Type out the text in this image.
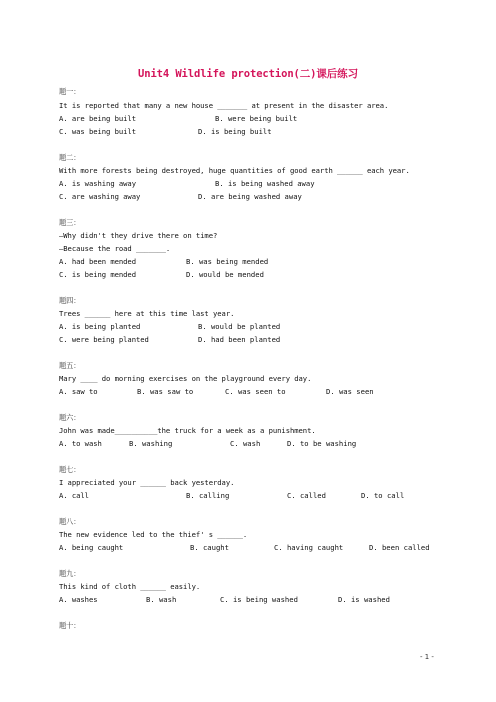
Unit4 Wildlife protection(二)课后练习
题一：
It is reported that many a new house _______ at present in the disaster area.
A. are being built	B. were being built
C. was being built	D. is being built
题二：
With more forests being destroyed, huge quantities of good earth ______ each year.
A. is washing away	B. is being washed away
C. are washing away	D. are being washed away
题三：
—Why didn't they drive there on time?
—Because the road _______.
A. had been mended	B. was being mended
C. is being mended	D. would be mended
题四：
Trees ______ here at this time last year.
A. is being planted	B. would be planted
C. were being planted	D. had been planted
题五：
Mary ____ do morning exercises on the playground every day.
A. saw to	B. was saw to	C. was seen to	D. was seen
题六：
John was made__________the truck for a week as a punishment.
A. to wash	B. washing	C. wash	D. to be washing
题七：
I appreciated your ______ back yesterday.
A. call	B. calling	C. called	D. to call
题八：
The new evidence led to the thief' s ______.
A. being caught	B. caught	C. having caught	D. been called
题九：
This kind of cloth ______ easily.
A. washes	B. wash	C. is being washed	D. is washed
题十：
- 1 -
